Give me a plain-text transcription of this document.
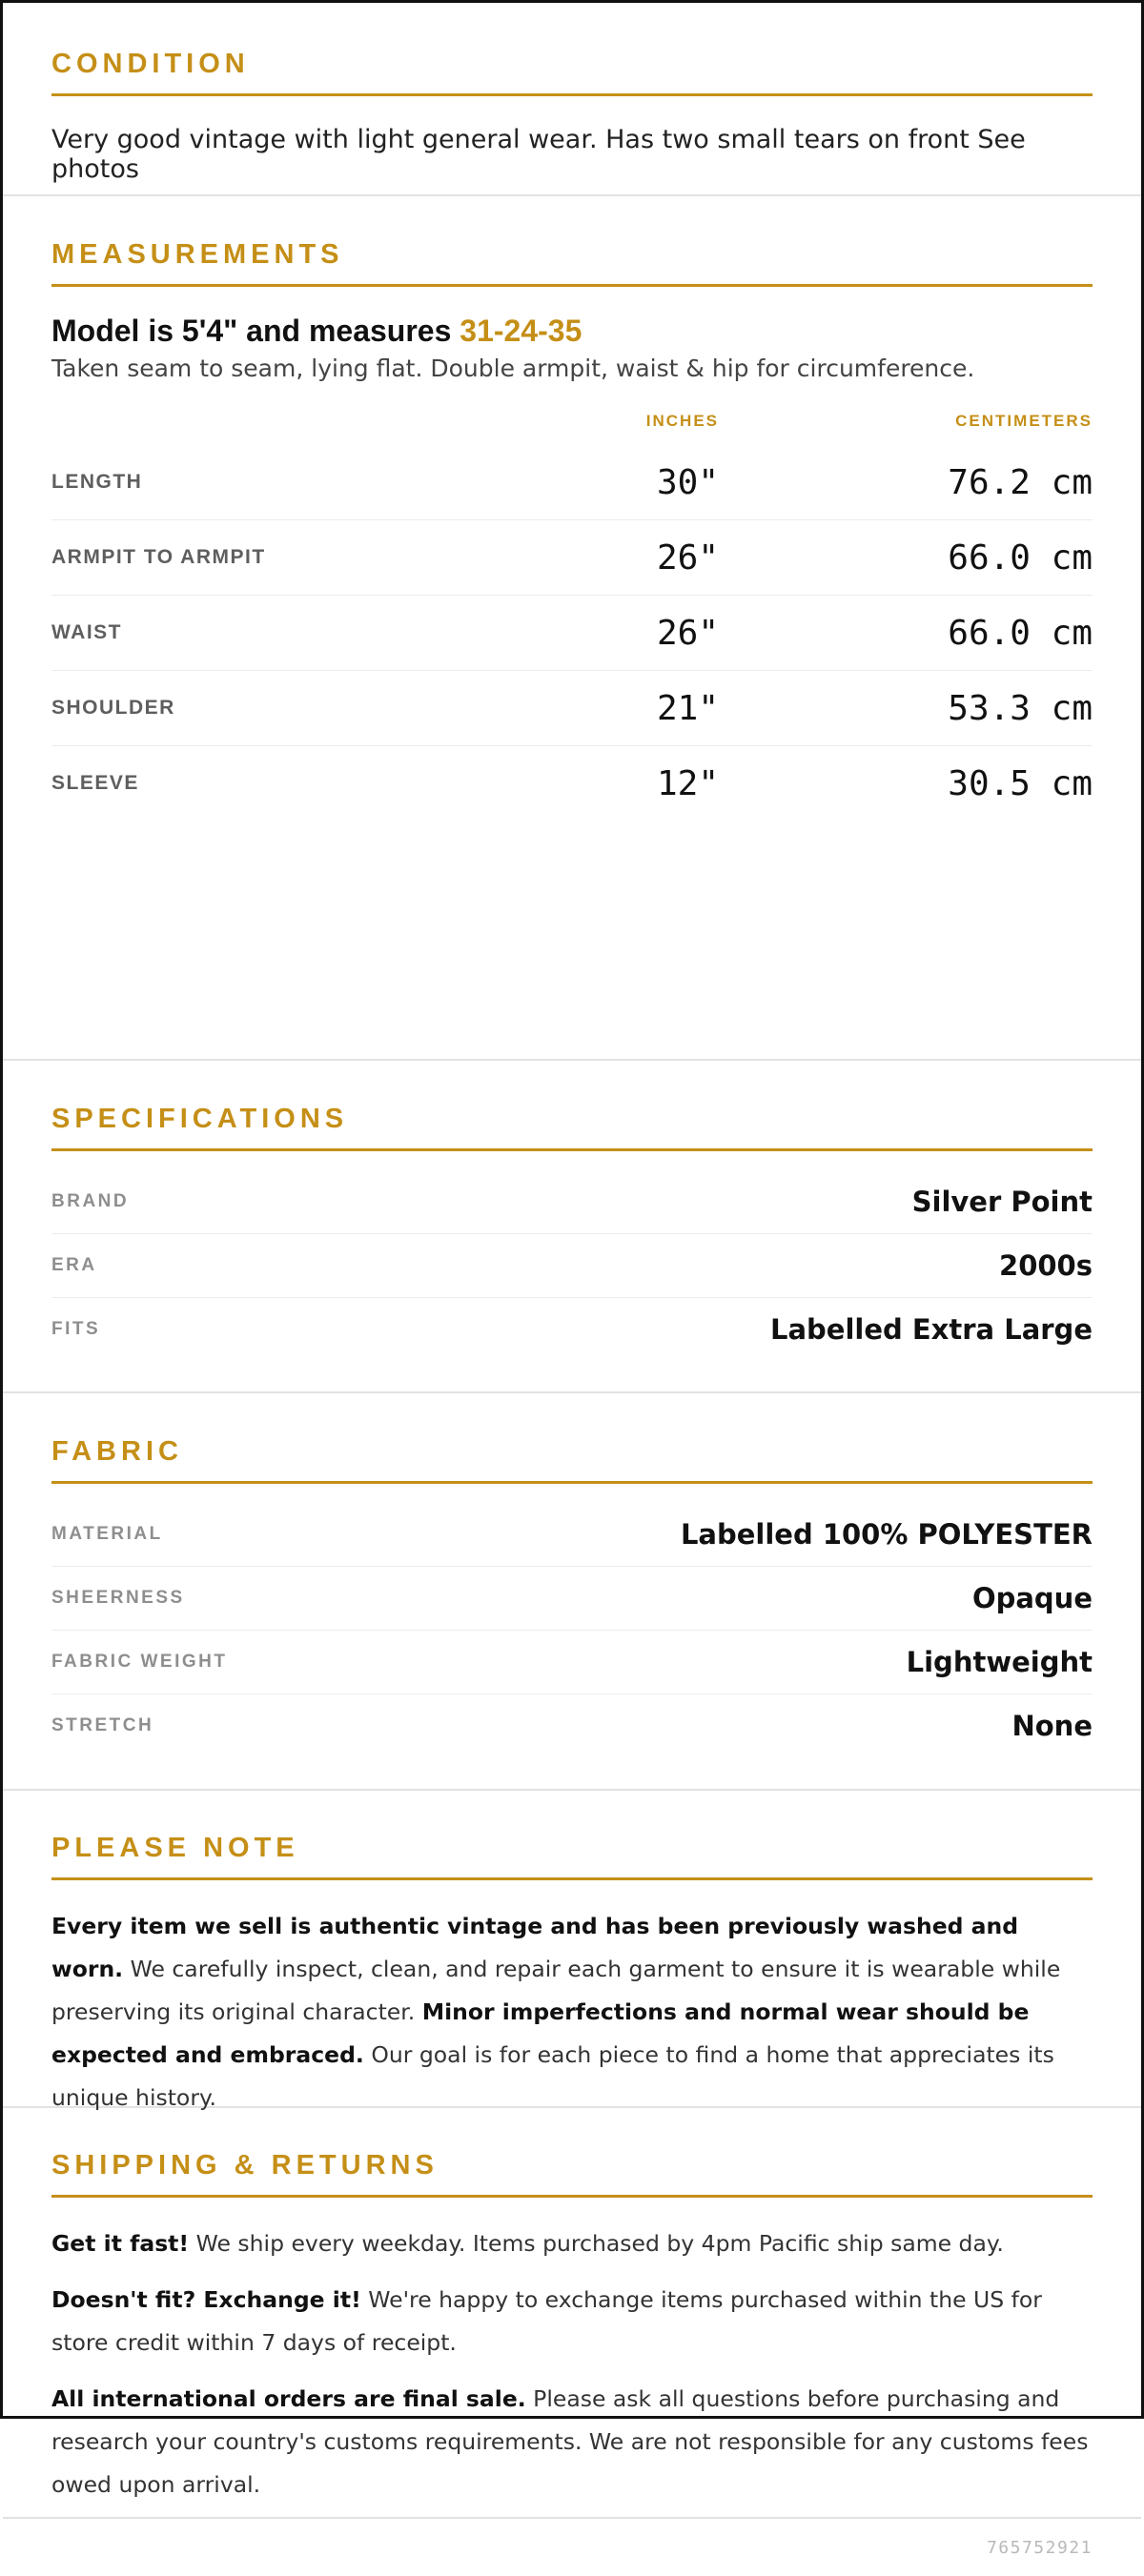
CONDITION

Very good vintage with light general wear. Has two small tears on front See photos

MEASUREMENTS

Model is 5'4" and measures 31-24-35

Taken seam to seam, lying flat. Double armpit, waist & hip for circumference.

INCHES	CENTIMETERS
LENGTH	30"	76.2 cm
ARMPIT TO ARMPIT	26"	66.0 cm
WAIST	26"	66.0 cm
SHOULDER	21"	53.3 cm
SLEEVE	12"	30.5 cm
SPECIFICATIONS
BRAND	Silver Point
ERA	2000s
FITS	Labelled Extra Large
FABRIC
MATERIAL	Labelled 100% POLYESTER
SHEERNESS	Opaque
FABRIC WEIGHT	Lightweight
STRETCH	None
PLEASE NOTE

Every item we sell is authentic vintage and has been previously washed and worn. We carefully inspect, clean, and repair each garment to ensure it is wearable while preserving its original character. Minor imperfections and normal wear should be expected and embraced. Our goal is for each piece to find a home that appreciates its unique history.

SHIPPING & RETURNS

Get it fast! We ship every weekday. Items purchased by 4pm Pacific ship same day.

Doesn't fit? Exchange it! We're happy to exchange items purchased within the US for store credit within 7 days of receipt.

All international orders are final sale. Please ask all questions before purchasing and research your country's customs requirements. We are not responsible for any customs fees owed upon arrival.

765752921
